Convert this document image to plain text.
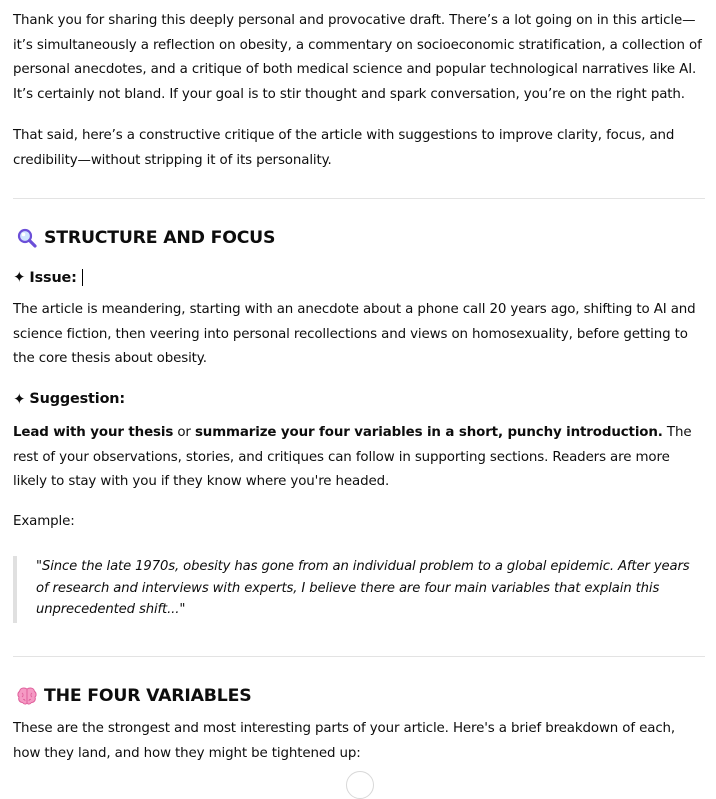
Thank you for sharing this deeply personal and provocative draft. There’s a lot going on in this article—it’s simultaneously a reflection on obesity, a commentary on socioeconomic stratification, a collection of personal anecdotes, and a critique of both medical science and popular technological narratives like AI. It’s certainly not bland. If your goal is to stir thought and spark conversation, you’re on the right path.

That said, here’s a constructive critique of the article with suggestions to improve clarity, focus, and credibility—without stripping it of its personality.

STRUCTURE AND FOCUS
✦ Issue:

The article is meandering, starting with an anecdote about a phone call 20 years ago, shifting to AI and science fiction, then veering into personal recollections and views on homosexuality, before getting to the core thesis about obesity.

✦ Suggestion:

Lead with your thesis or summarize your four variables in a short, punchy introduction. The rest of your observations, stories, and critiques can follow in supporting sections. Readers are more likely to stay with you if they know where you're headed.

Example:

"Since the late 1970s, obesity has gone from an individual problem to a global epidemic. After years of research and interviews with experts, I believe there are four main variables that explain this unprecedented shift..."

THE FOUR VARIABLES

These are the strongest and most interesting parts of your article. Here's a brief breakdown of each, how they land, and how they might be tightened up:
